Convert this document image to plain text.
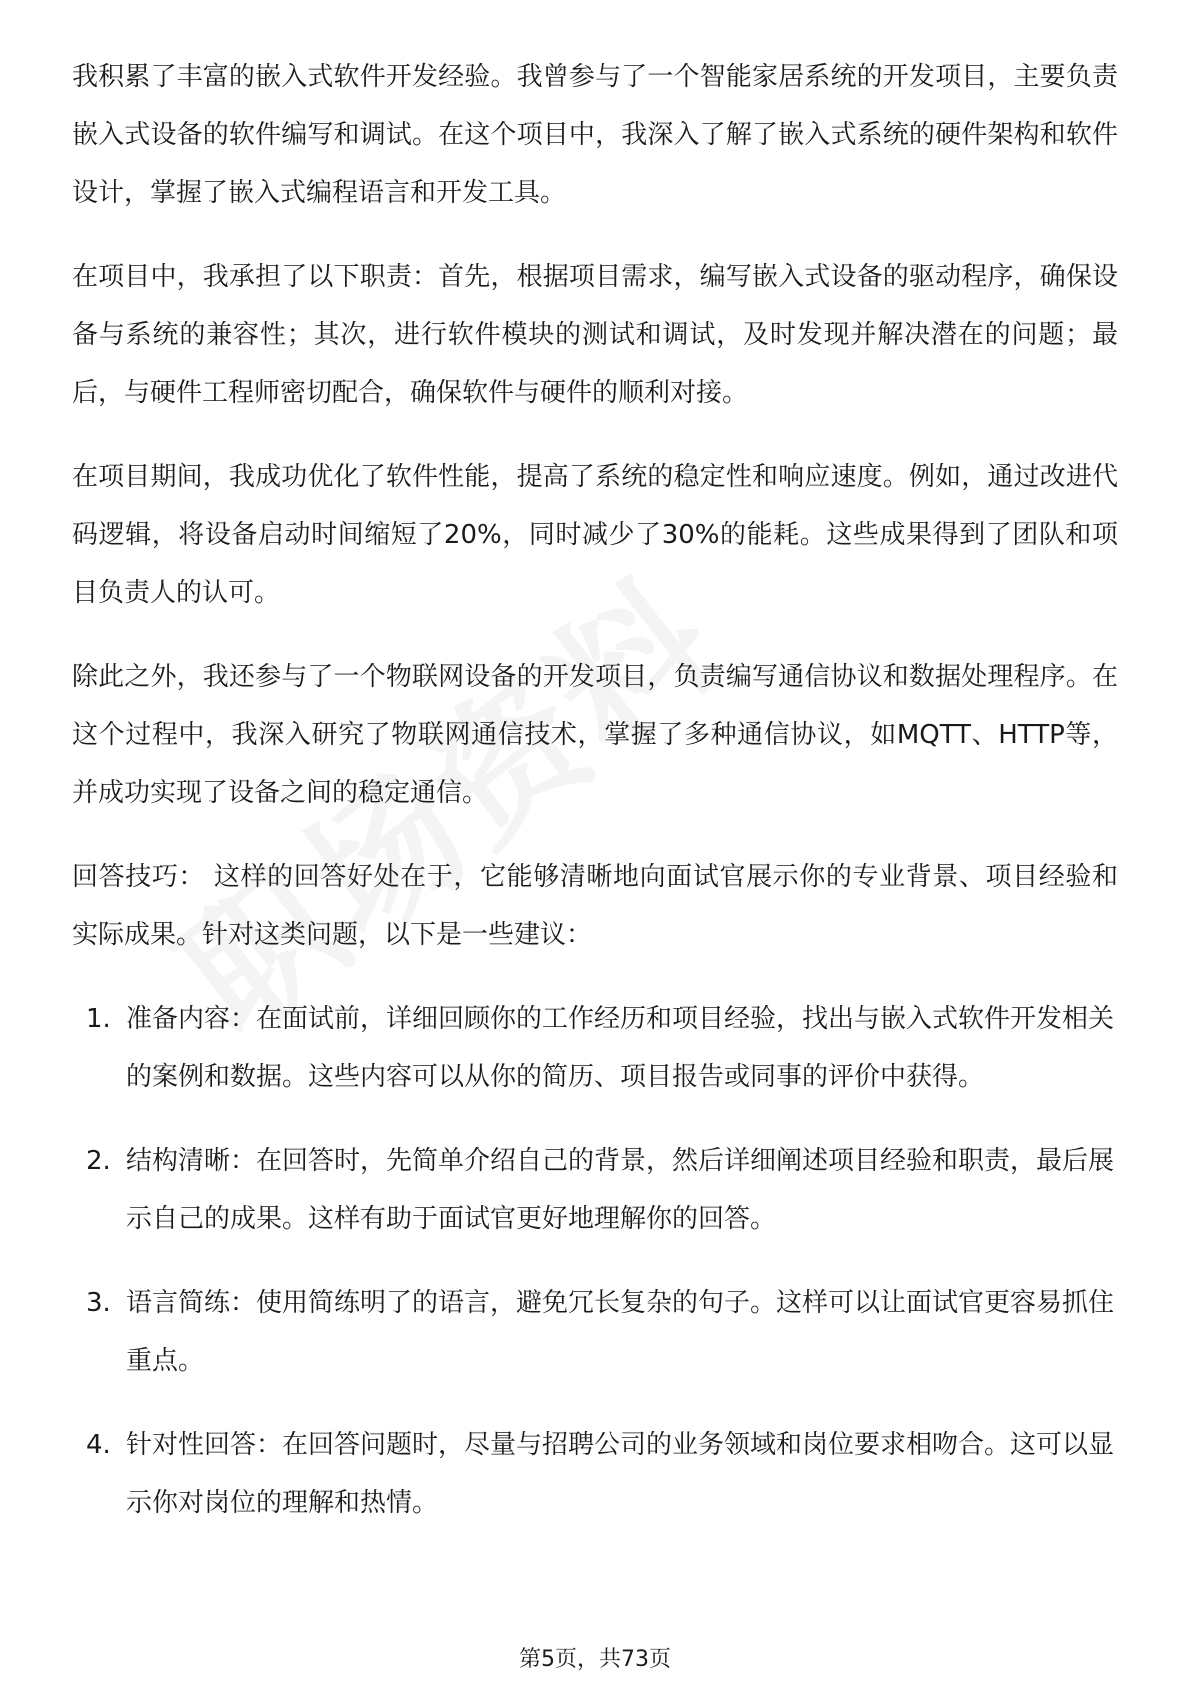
我积累了丰富的嵌入式软件开发经验。我曾参与了一个智能家居系统的开发项目，主要负责嵌入式设备的软件编写和调试。在这个项目中，我深入了解了嵌入式系统的硬件架构和软件设计，掌握了嵌入式编程语言和开发工具。

在项目中，我承担了以下职责：首先，根据项目需求，编写嵌入式设备的驱动程序，确保设备与系统的兼容性；其次，进行软件模块的测试和调试，及时发现并解决潜在的问题；最后，与硬件工程师密切配合，确保软件与硬件的顺利对接。

在项目期间，我成功优化了软件性能，提高了系统的稳定性和响应速度。例如，通过改进代码逻辑，将设备启动时间缩短了20%，同时减少了30%的能耗。这些成果得到了团队和项目负责人的认可。

除此之外，我还参与了一个物联网设备的开发项目，负责编写通信协议和数据处理程序。在这个过程中，我深入研究了物联网通信技术，掌握了多种通信协议，如MQTT、HTTP等，并成功实现了设备之间的稳定通信。

回答技巧： 这样的回答好处在于，它能够清晰地向面试官展示你的专业背景、项目经验和实际成果。针对这类问题，以下是一些建议：

1. 准备内容：在面试前，详细回顾你的工作经历和项目经验，找出与嵌入式软件开发相关的案例和数据。这些内容可以从你的简历、项目报告或同事的评价中获得。
2. 结构清晰：在回答时，先简单介绍自己的背景，然后详细阐述项目经验和职责，最后展示自己的成果。这样有助于面试官更好地理解你的回答。
3. 语言简练：使用简练明了的语言，避免冗长复杂的句子。这样可以让面试官更容易抓住重点。
4. 针对性回答：在回答问题时，尽量与招聘公司的业务领域和岗位要求相吻合。这可以显示你对岗位的理解和热情。
第5页，共73页
